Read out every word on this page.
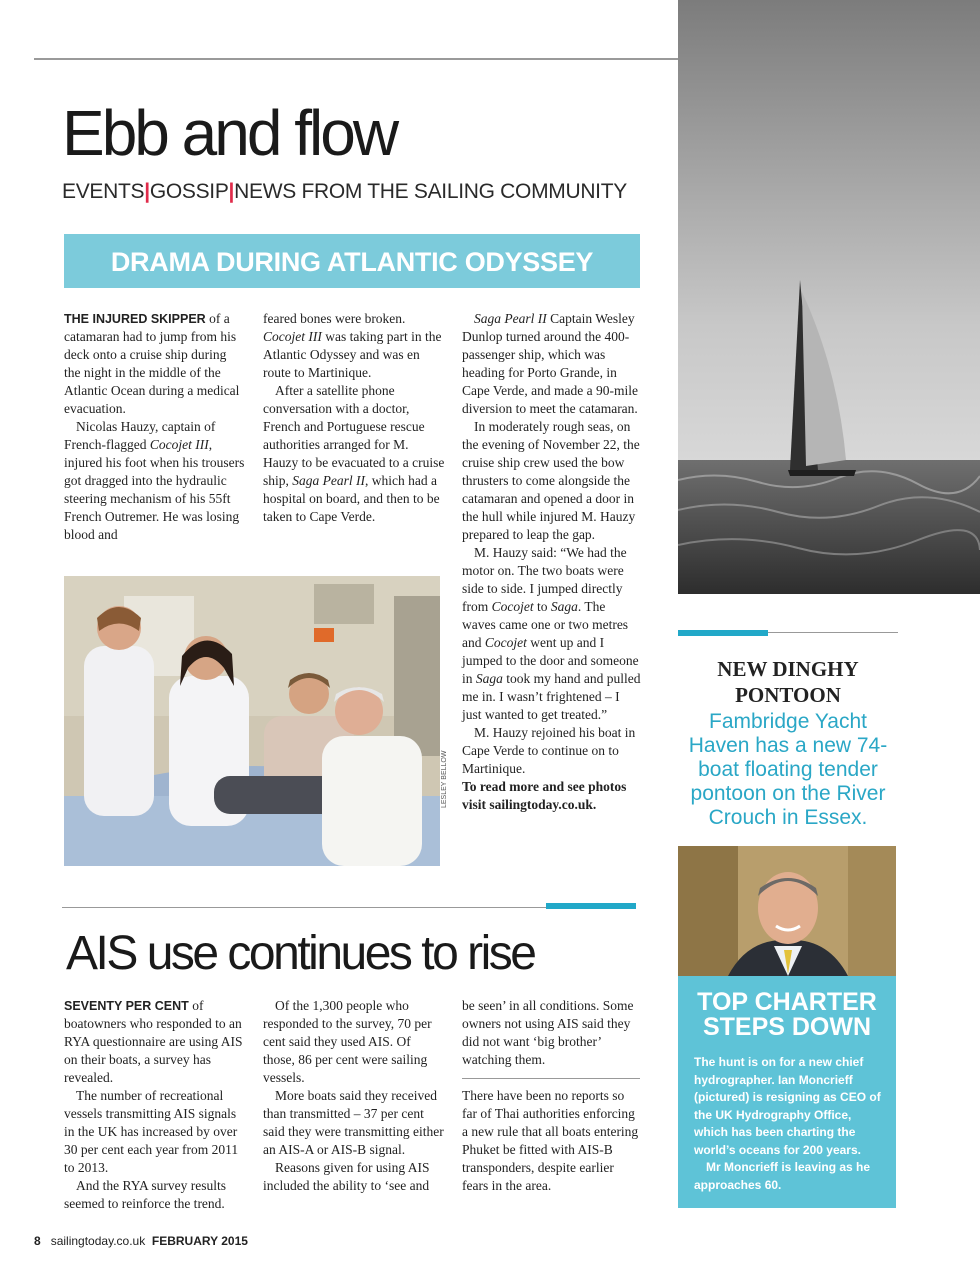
Ebb and flow
EVENTS|GOSSIP|NEWS FROM THE SAILING COMMUNITY
DRAMA DURING ATLANTIC ODYSSEY

THE INJURED SKIPPER of a catamaran had to jump from his deck onto a cruise ship during the night in the middle of the Atlantic Ocean during a medical evacuation.

Nicolas Hauzy, captain of French-flagged Cocojet III, injured his foot when his trousers got dragged into the hydraulic steering mechanism of his 55ft French Outremer. He was losing blood and

feared bones were broken. Cocojet III was taking part in the Atlantic Odyssey and was en route to Martinique.

After a satellite phone conversation with a doctor, French and Portuguese rescue authorities arranged for M. Hauzy to be evacuated to a cruise ship, Saga Pearl II, which had a hospital on board, and then to be taken to Cape Verde.

Saga Pearl II Captain Wesley Dunlop turned around the 400-passenger ship, which was heading for Porto Grande, in Cape Verde, and made a 90-mile diversion to meet the catamaran.

In moderately rough seas, on the evening of November 22, the cruise ship crew used the bow thrusters to come alongside the catamaran and opened a door in the hull while injured M. Hauzy prepared to leap the gap.

M. Hauzy said: “We had the motor on. The two boats were side to side. I jumped directly from Cocojet to Saga. The waves came one or two metres and Cocojet went up and I jumped to the door and someone in Saga took my hand and pulled me in. I wasn’t frightened – I just wanted to get treated.”

M. Hauzy rejoined his boat in Cape Verde to continue on to Martinique.

To read more and see photos visit sailingtoday.co.uk.

LESLEY BELLOW
AIS use continues to rise

SEVENTY PER CENT of boatowners who responded to an RYA questionnaire are using AIS on their boats, a survey has revealed.

The number of recreational vessels transmitting AIS signals in the UK has increased by over 30 per cent each year from 2011 to 2013.

And the RYA survey results seemed to reinforce the trend.

Of the 1,300 people who responded to the survey, 70 per cent said they used AIS. Of those, 86 per cent were sailing vessels.

More boats said they received than transmitted – 37 per cent said they were transmitting either an AIS-A or AIS-B signal.

Reasons given for using AIS included the ability to ‘see and

be seen’ in all conditions. Some owners not using AIS said they did not want ‘big brother’ watching them.

There have been no reports so far of Thai authorities enforcing a new rule that all boats entering Phuket be fitted with AIS-B transponders, despite earlier fears in the area.

NEW DINGHY PONTOON
Fambridge Yacht Haven has a new 74-boat floating tender pontoon on the River Crouch in Essex.
TOP CHARTER STEPS DOWN

The hunt is on for a new chief hydrographer. Ian Moncrieff (pictured) is resigning as CEO of the UK Hydrography Office, which has been charting the world’s oceans for 200 years.

Mr Moncrieff is leaving as he approaches 60.

8 sailingtoday.co.uk FEBRUARY 2015
